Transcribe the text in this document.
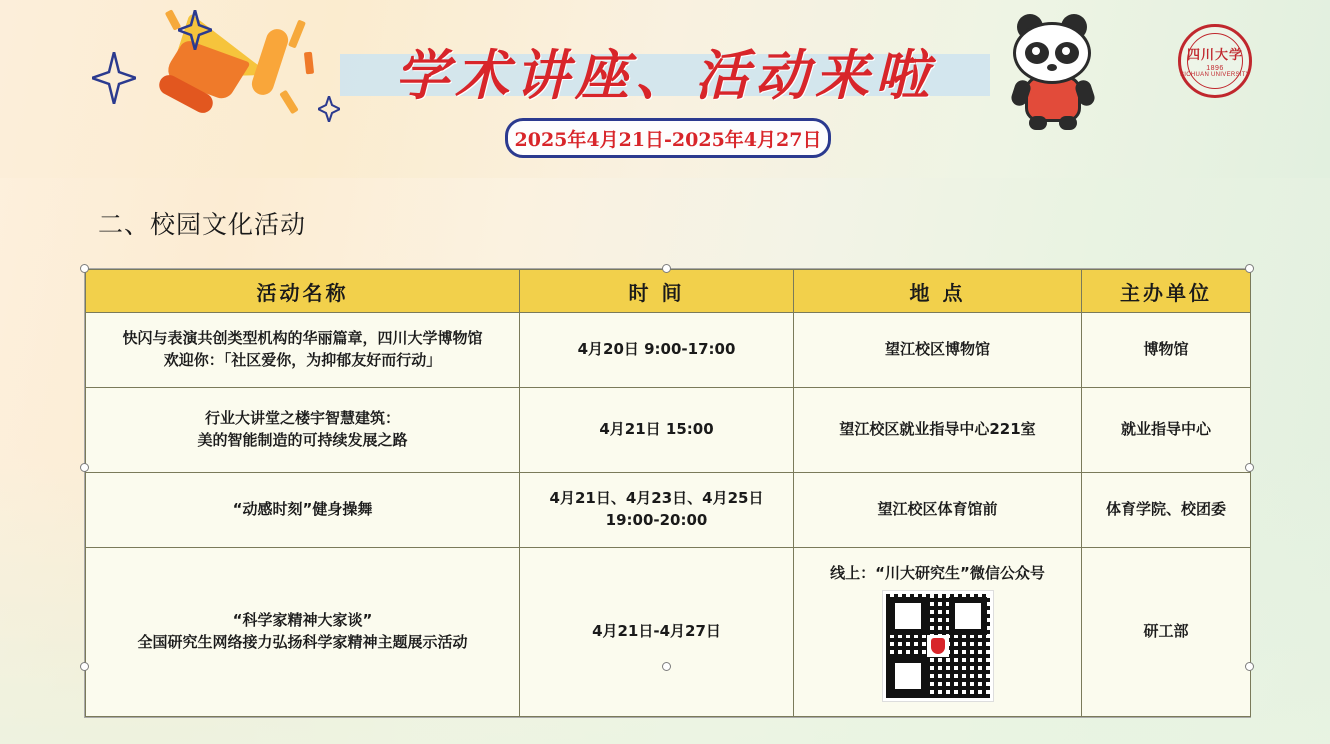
学术讲座、活动来啦
2025年4月21日-2025年4月27日
四川大学
1896
SICHUAN UNIVERSITY
二、校园文化活动
活动名称	时 间	地 点	主办单位

快闪与表演共创类型机构的华丽篇章，四川大学博物馆
欢迎你：「社区爱你，为抑郁友好而行动」	4月20日 9:00-17:00	望江校区博物馆	博物馆

行业大讲堂之楼宇智慧建筑：
美的智能制造的可持续发展之路	4月21日 15:00	望江校区就业指导中心221室	就业指导中心

“动感时刻”健身操舞	4月21日、4月23日、4月25日
19:00-20:00	望江校区体育馆前	体育学院、校团委

“科学家精神大家谈”
全国研究生网络接力弘扬科学家精神主题展示活动	4月21日-4月27日	线上：“川大研究生”微信公众号	研工部
